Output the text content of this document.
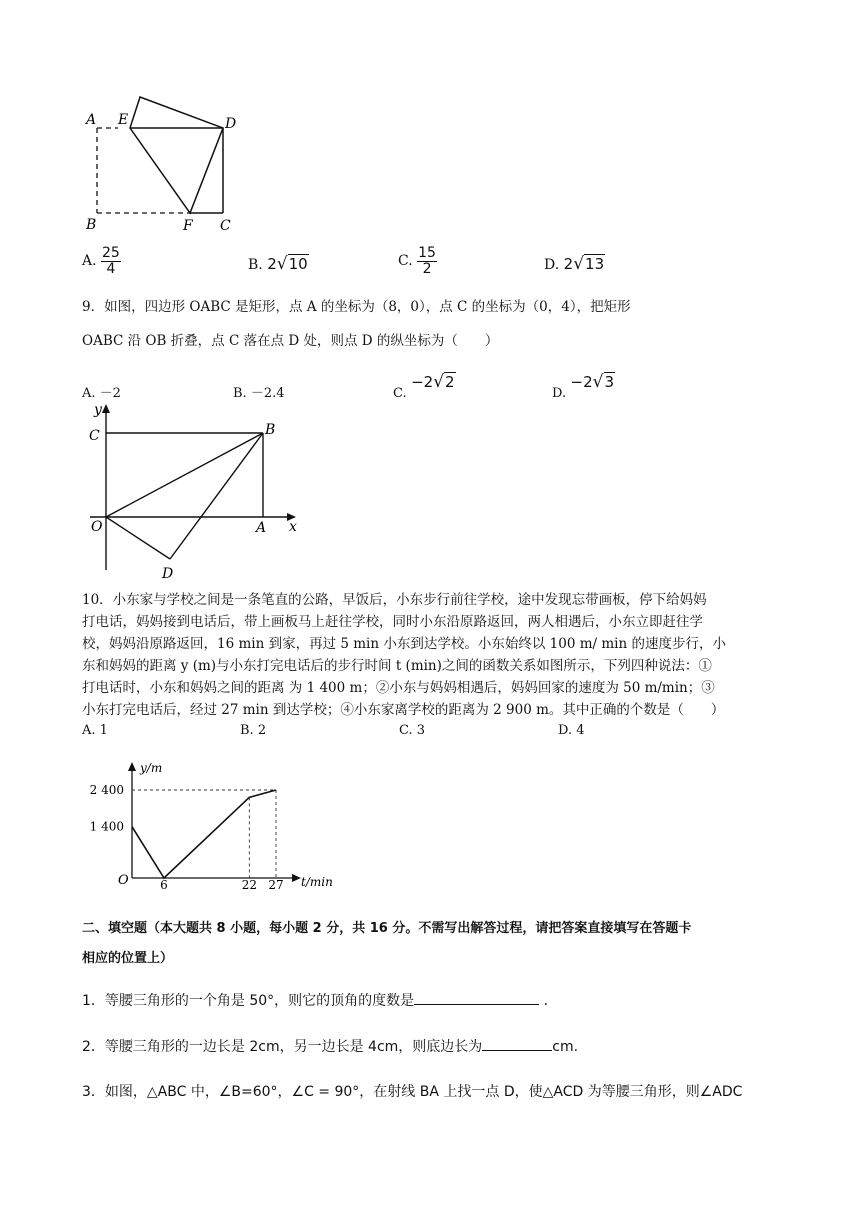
A E	D
B	F C
A. $\frac{25}{4}$	B. 2√10	C. $\frac{15}{2}$	D. 2√13
9．如图，四边形 OABC 是矩形，点 A 的坐标为（8，0），点 C 的坐标为（0，4），把矩形
OABC 沿 OB 折叠，点 C 落在点 D 处，则点 D 的纵坐标为（　　）
A. －2	B. －2.4	C. −2√2
D. −2√3
y
C	B
O	A x
D
10．小东家与学校之间是一条笔直的公路，早饭后，小东步行前往学校，途中发现忘带画板，停下给妈妈
打电话，妈妈接到电话后，带上画板马上赶往学校，同时小东沿原路返回，两人相遇后，小东立即赶往学
校，妈妈沿原路返回，16 min 到家，再过 5 min 小东到达学校。小东始终以 100 m/ min 的速度步行，小
东和妈妈的距离 y (m)与小东打完电话后的步行时间 t (min)之间的函数关系如图所示，下列四种说法：①
打电话时，小东和妈妈之间的距离 为 1 400 m；②小东与妈妈相遇后，妈妈回家的速度为 50 m/min；③
小东打完电话后，经过 27 min 到达学校；④小东家离学校的距离为 2 900 m。其中正确的个数是（　　）
A. 1	B. 2	C. 3	D. 4
y/m
t/min
O	6	22 27
1 400
2 400
二、填空题（本大题共 8 小题，每小题 2 分，共 16 分。不需写出解答过程，请把答案直接填写在答题卡
相应的位置上）
1．等腰三角形的一个角是 50°，则它的顶角的度数是	．
2．等腰三角形的一边长是 2cm，另一边长是 4cm，则底边长为	cm.
3．如图，△ABC 中，∠B=60°，∠C = 90°，在射线 BA 上找一点 D，使△ACD 为等腰三角形，则∠ADC
